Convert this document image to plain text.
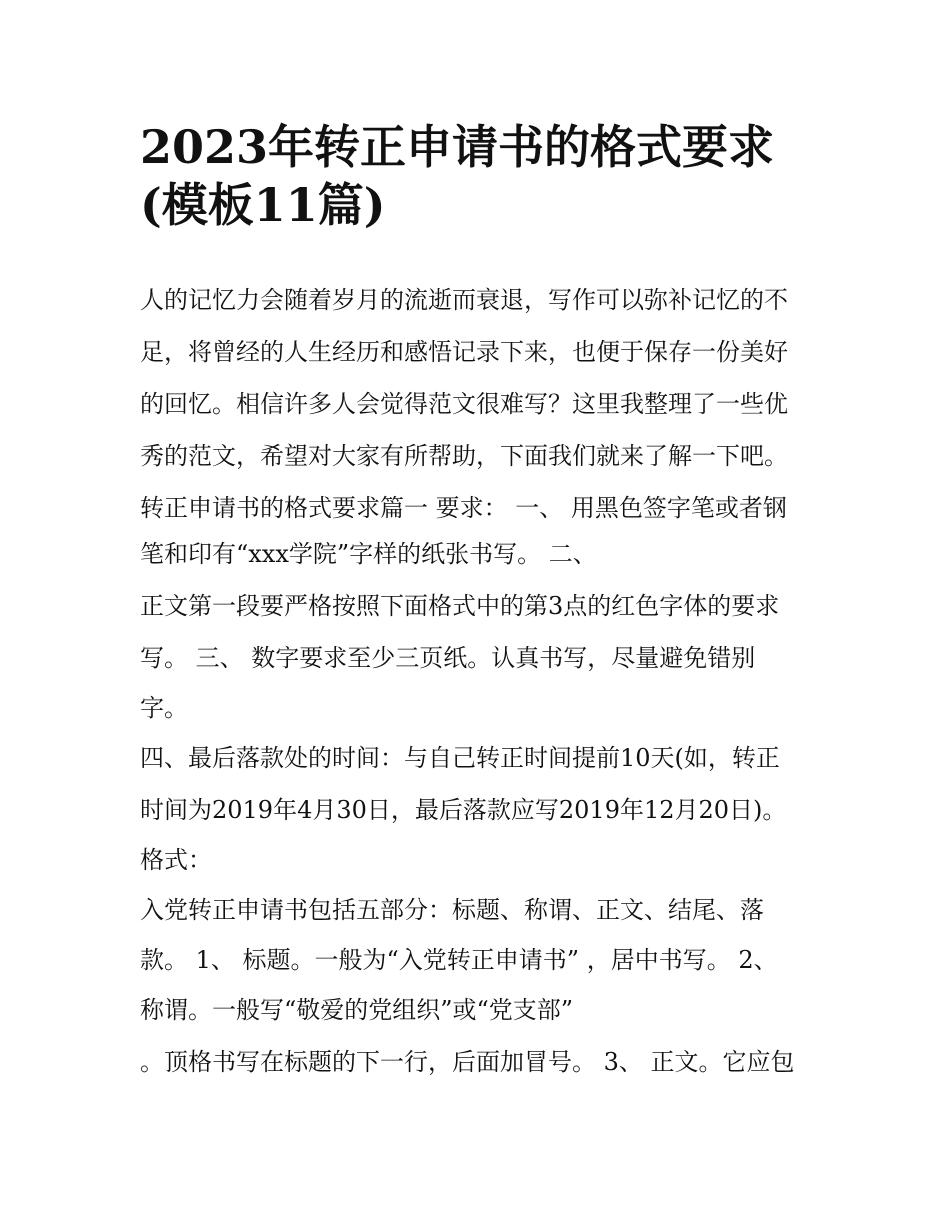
2023年转正申请书的格式要求
(模板11篇)

人的记忆力会随着岁月的流逝而衰退，写作可以弥补记忆的不

足，将曾经的人生经历和感悟记录下来，也便于保存一份美好

的回忆。相信许多人会觉得范文很难写？这里我整理了一些优

秀的范文，希望对大家有所帮助，下面我们就来了解一下吧。

转正申请书的格式要求篇一 要求： 一、 用黑色签字笔或者钢

笔和印有“xxx学院”字样的纸张书写。 二、

正文第一段要严格按照下面格式中的第3点的红色字体的要求

写。 三、 数字要求至少三页纸。认真书写，尽量避免错别

字。

四、最后落款处的时间：与自己转正时间提前10天(如，转正

时间为2019年4月30日，最后落款应写2019年12月20日)。

格式：

入党转正申请书包括五部分：标题、称谓、正文、结尾、落

款。 1、 标题。一般为“入党转正申请书” ，居中书写。 2、

称谓。一般写“敬爱的党组织”或“党支部”

。顶格书写在标题的下一行，后面加冒号。 3、 正文。它应包
